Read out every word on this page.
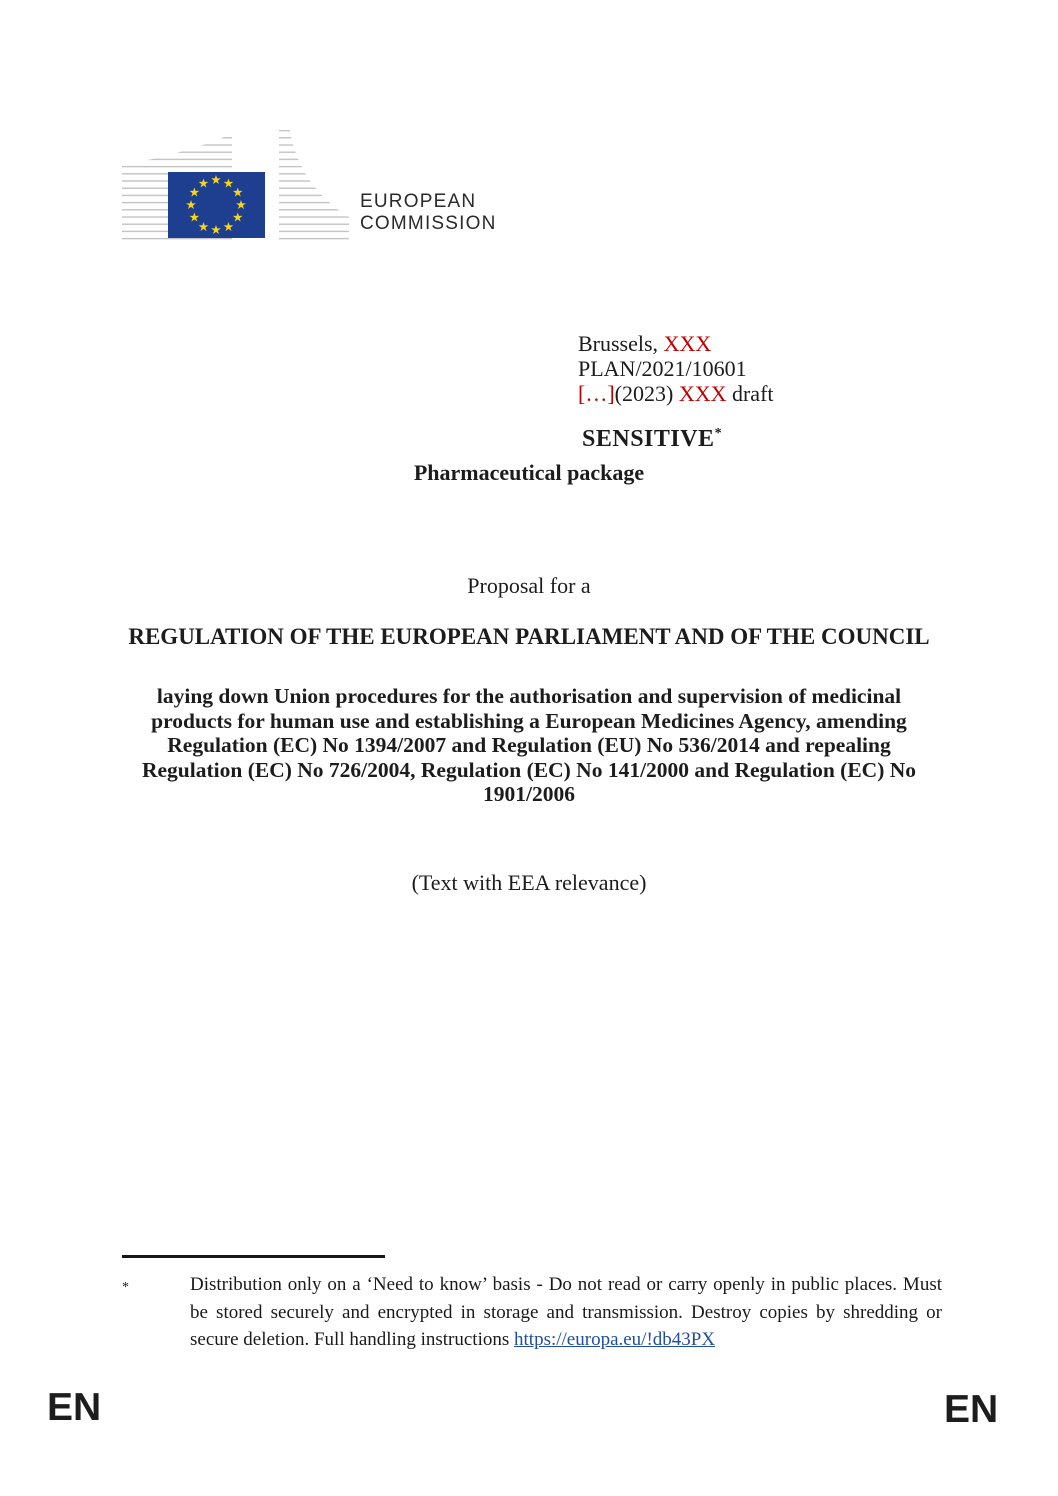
★ ★
★
★
★
★
★
★
★
★
★
★
EUROPEAN
COMMISSION
Brussels, XXX
PLAN/2021/10601
[…](2023) XXX draft
SENSITIVE*
Pharmaceutical package
Proposal for a
REGULATION OF THE EUROPEAN PARLIAMENT AND OF THE COUNCIL
laying down Union procedures for the authorisation and supervision of medicinal
products for human use and establishing a European Medicines Agency, amending
Regulation (EC) No 1394/2007 and Regulation (EU) No 536/2014 and repealing
Regulation (EC) No 726/2004, Regulation (EC) No 141/2000 and Regulation (EC) No
1901/2006
(Text with EEA relevance)
*	Distribution only on a ‘Need to know’ basis - Do not read or carry openly in public places. Must be stored securely and encrypted in storage and transmission. Destroy copies by shredding or secure deletion. Full handling instructions https://europa.eu/!db43PX
EN	EN
